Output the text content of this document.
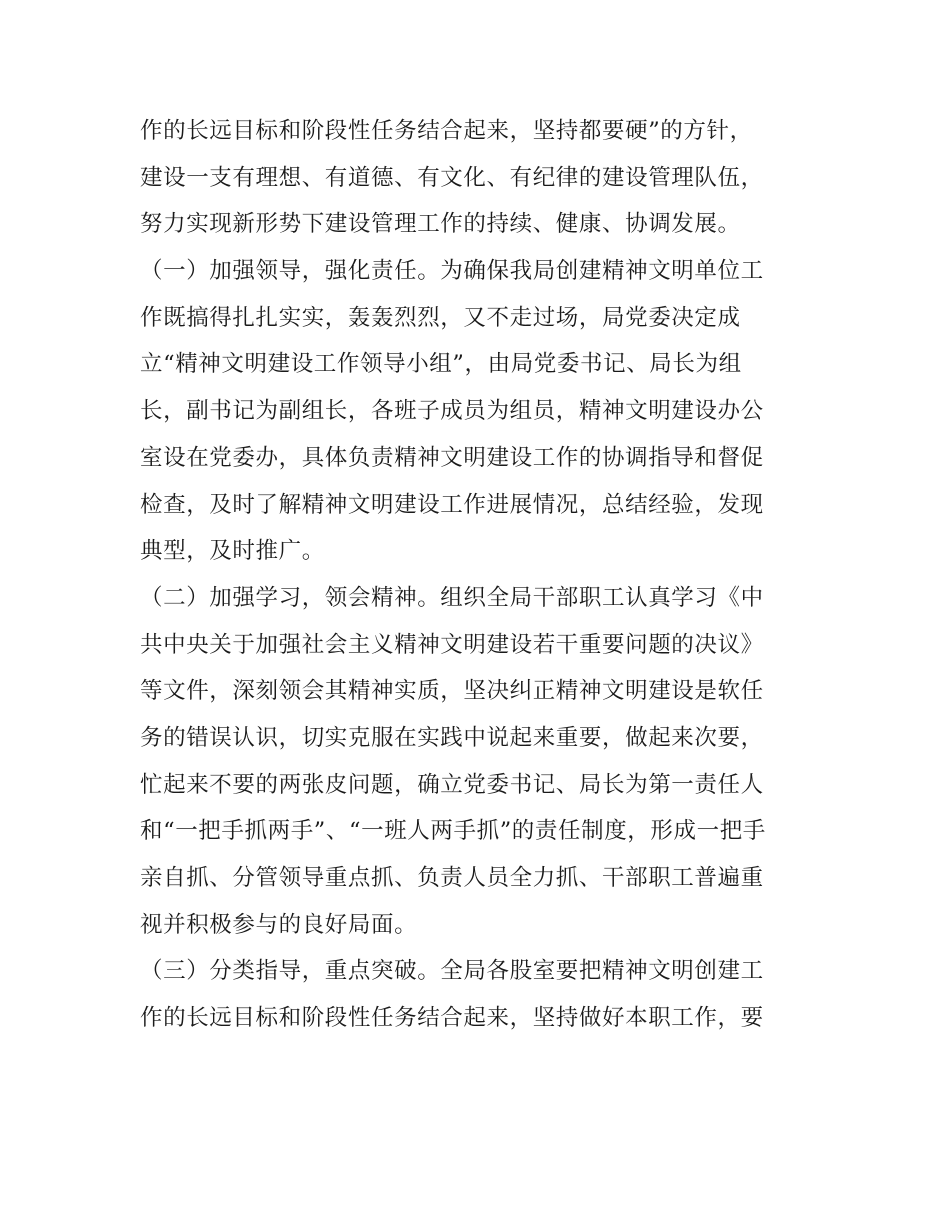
作的长远目标和阶段性任务结合起来，坚持都要硬”的方针，
建设一支有理想、有道德、有文化、有纪律的建设管理队伍，
努力实现新形势下建设管理工作的持续、健康、协调发展。
（一）加强领导，强化责任。为确保我局创建精神文明单位工
作既搞得扎扎实实，轰轰烈烈，又不走过场，局党委决定成
立“精神文明建设工作领导小组”，由局党委书记、局长为组
长，副书记为副组长，各班子成员为组员，精神文明建设办公
室设在党委办，具体负责精神文明建设工作的协调指导和督促
检查，及时了解精神文明建设工作进展情况，总结经验，发现
典型，及时推广。
（二）加强学习，领会精神。组织全局干部职工认真学习《中
共中央关于加强社会主义精神文明建设若干重要问题的决议》
等文件，深刻领会其精神实质，坚决纠正精神文明建设是软任
务的错误认识，切实克服在实践中说起来重要，做起来次要，
忙起来不要的两张皮问题，确立党委书记、局长为第一责任人
和“一把手抓两手”、“一班人两手抓”的责任制度，形成一把手
亲自抓、分管领导重点抓、负责人员全力抓、干部职工普遍重
视并积极参与的良好局面。
（三）分类指导，重点突破。全局各股室要把精神文明创建工
作的长远目标和阶段性任务结合起来，坚持做好本职工作，要
